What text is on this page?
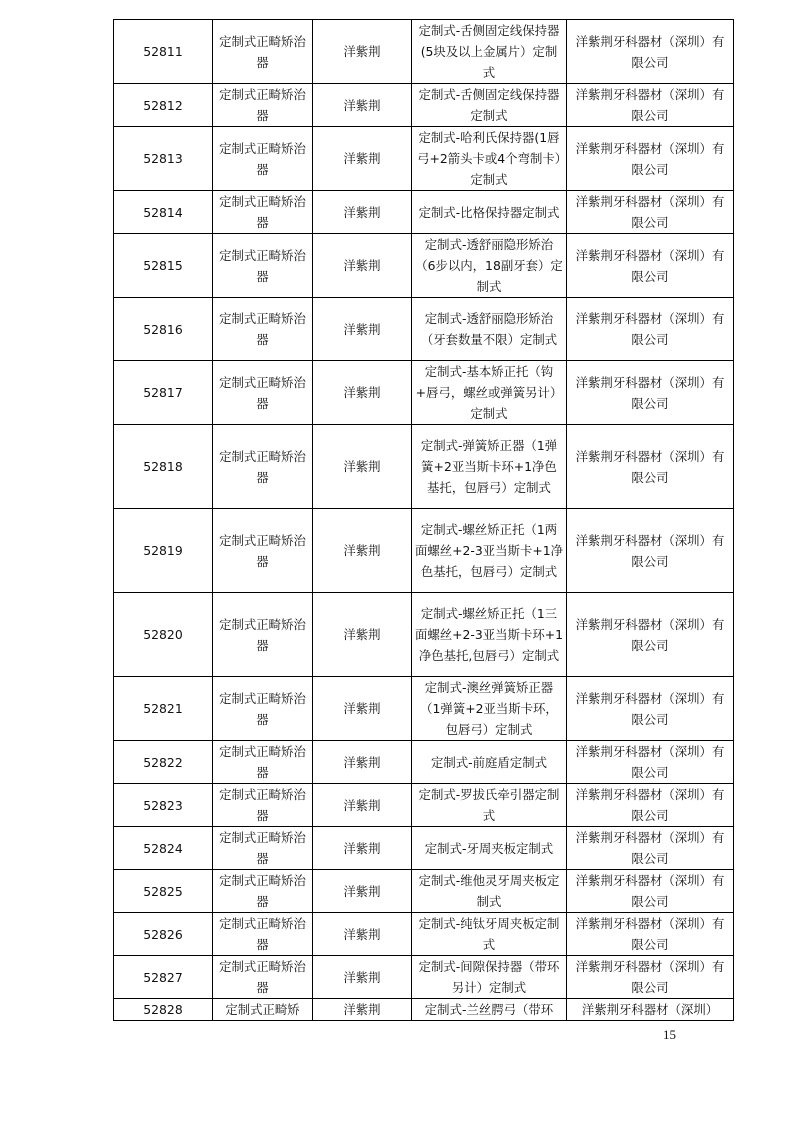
52811	定制式正畸矫治器	洋紫荆	定制式-舌侧固定线保持器(5块及以上金属片）定制式	洋紫荆牙科器材（深圳）有限公司
52812	定制式正畸矫治器	洋紫荆	定制式-舌侧固定线保持器定制式	洋紫荆牙科器材（深圳）有限公司
52813	定制式正畸矫治器	洋紫荆	定制式-哈利氏保持器(1唇弓+2箭头卡或4个弯制卡）定制式	洋紫荆牙科器材（深圳）有限公司
52814	定制式正畸矫治器	洋紫荆	定制式-比格保持器定制式	洋紫荆牙科器材（深圳）有限公司
52815	定制式正畸矫治器	洋紫荆	定制式-透舒丽隐形矫治（6步以内，18副牙套）定制式	洋紫荆牙科器材（深圳）有限公司
52816	定制式正畸矫治器	洋紫荆	定制式-透舒丽隐形矫治（牙套数量不限）定制式	洋紫荆牙科器材（深圳）有限公司
52817	定制式正畸矫治器	洋紫荆	定制式-基本矫正托（钩+唇弓，螺丝或弹簧另计）定制式	洋紫荆牙科器材（深圳）有限公司
52818	定制式正畸矫治器	洋紫荆	定制式-弹簧矫正器（1弹簧+2亚当斯卡环+1净色基托，包唇弓）定制式	洋紫荆牙科器材（深圳）有限公司
52819	定制式正畸矫治器	洋紫荆	定制式-螺丝矫正托（1两面螺丝+2-3亚当斯卡+1净色基托，包唇弓）定制式	洋紫荆牙科器材（深圳）有限公司
52820	定制式正畸矫治器	洋紫荆	定制式-螺丝矫正托（1三面螺丝+2-3亚当斯卡环+1净色基托,包唇弓）定制式	洋紫荆牙科器材（深圳）有限公司
52821	定制式正畸矫治器	洋紫荆	定制式-澳丝弹簧矫正器（1弹簧+2亚当斯卡环，包唇弓）定制式	洋紫荆牙科器材（深圳）有限公司
52822	定制式正畸矫治器	洋紫荆	定制式-前庭盾定制式	洋紫荆牙科器材（深圳）有限公司
52823	定制式正畸矫治器	洋紫荆	定制式-罗拔氏牵引器定制式	洋紫荆牙科器材（深圳）有限公司
52824	定制式正畸矫治器	洋紫荆	定制式-牙周夹板定制式	洋紫荆牙科器材（深圳）有限公司
52825	定制式正畸矫治器	洋紫荆	定制式-维他灵牙周夹板定制式	洋紫荆牙科器材（深圳）有限公司
52826	定制式正畸矫治器	洋紫荆	定制式-纯钛牙周夹板定制式	洋紫荆牙科器材（深圳）有限公司
52827	定制式正畸矫治器	洋紫荆	定制式-间隙保持器（带环另计）定制式	洋紫荆牙科器材（深圳）有限公司
52828	定制式正畸矫	洋紫荆	定制式-兰丝腭弓（带环	洋紫荆牙科器材（深圳）
15
